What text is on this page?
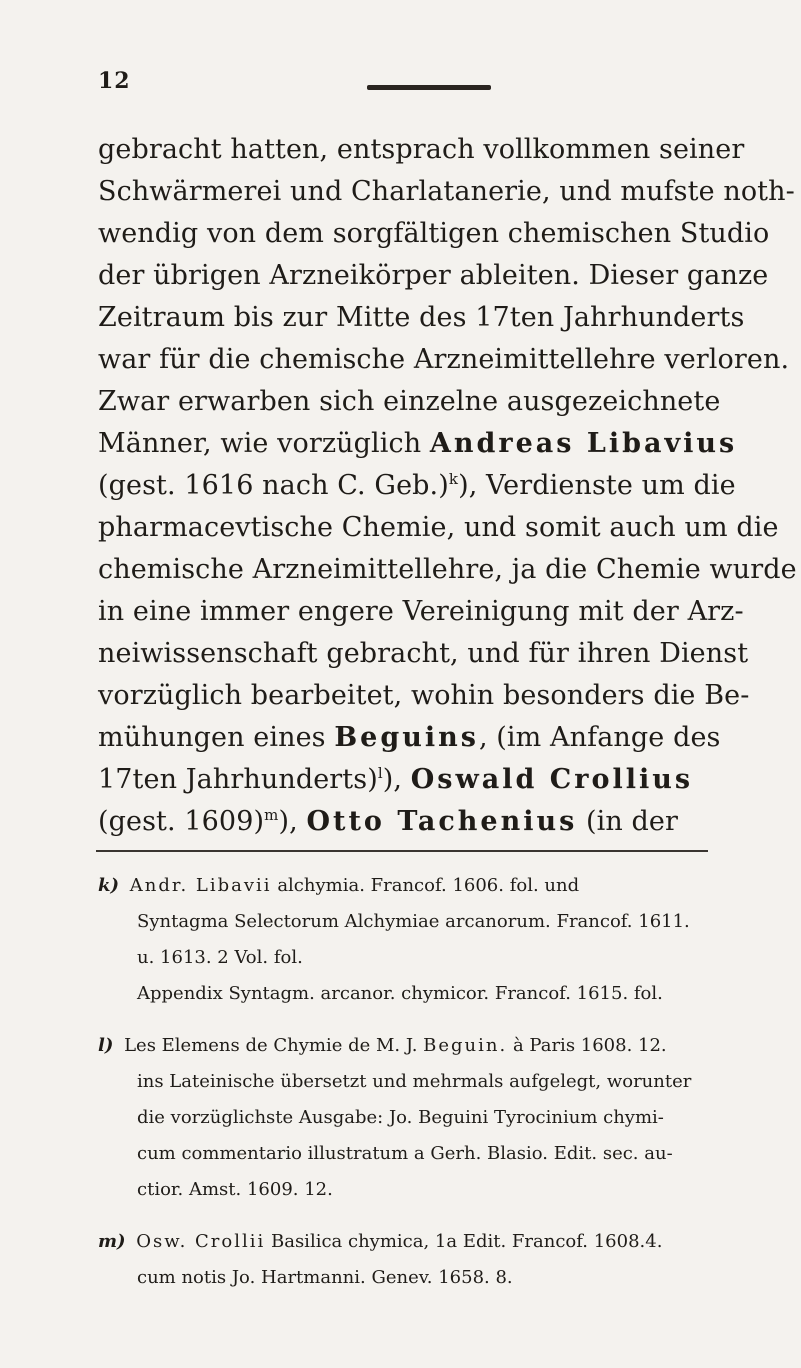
12
gebracht hatten, entsprach vollkommen seiner
Schwärmerei und Charlatanerie, und mufste noth-
wendig von dem sorgfältigen chemischen Studio
der übrigen Arzneikörper ableiten. Dieser ganze
Zeitraum bis zur Mitte des 17ten Jahrhunderts
war für die chemische Arzneimittellehre verloren.
Zwar erwarben sich einzelne ausgezeichnete
Männer, wie vorzüglich Andreas Libavius
(gest. 1616 nach C. Geb.)$^k$), Verdienste um die
pharmacevtische Chemie, und somit auch um die
chemische Arzneimittellehre, ja die Chemie wurde
in eine immer engere Vereinigung mit der Arz-
neiwissenschaft gebracht, und für ihren Dienst
vorzüglich bearbeitet, wohin besonders die Be-
mühungen eines Beguins, (im Anfange des
17ten Jahrhunderts)$^l$), Oswald Crollius
(gest. 1609)$^m$), Otto Tachenius (in der
k) Andr. Libavii alchymia. Francof. 1606. fol. und
Syntagma Selectorum Alchymiae arcanorum. Francof. 1611.
u. 1613. 2 Vol. fol.
Appendix Syntagm. arcanor. chymicor. Francof. 1615. fol.
l) Les Elemens de Chymie de M. J. Beguin. à Paris 1608. 12.
ins Lateinische übersetzt und mehrmals aufgelegt, worunter
die vorzüglichste Ausgabe: Jo. Beguini Tyrocinium chymi-
cum commentario illustratum a Gerh. Blasio. Edit. sec. au-
ctior. Amst. 1609. 12.
m) Osw. Crollii Basilica chymica, 1a Edit. Francof. 1608.4.
cum notis Jo. Hartmanni. Genev. 1658. 8.
